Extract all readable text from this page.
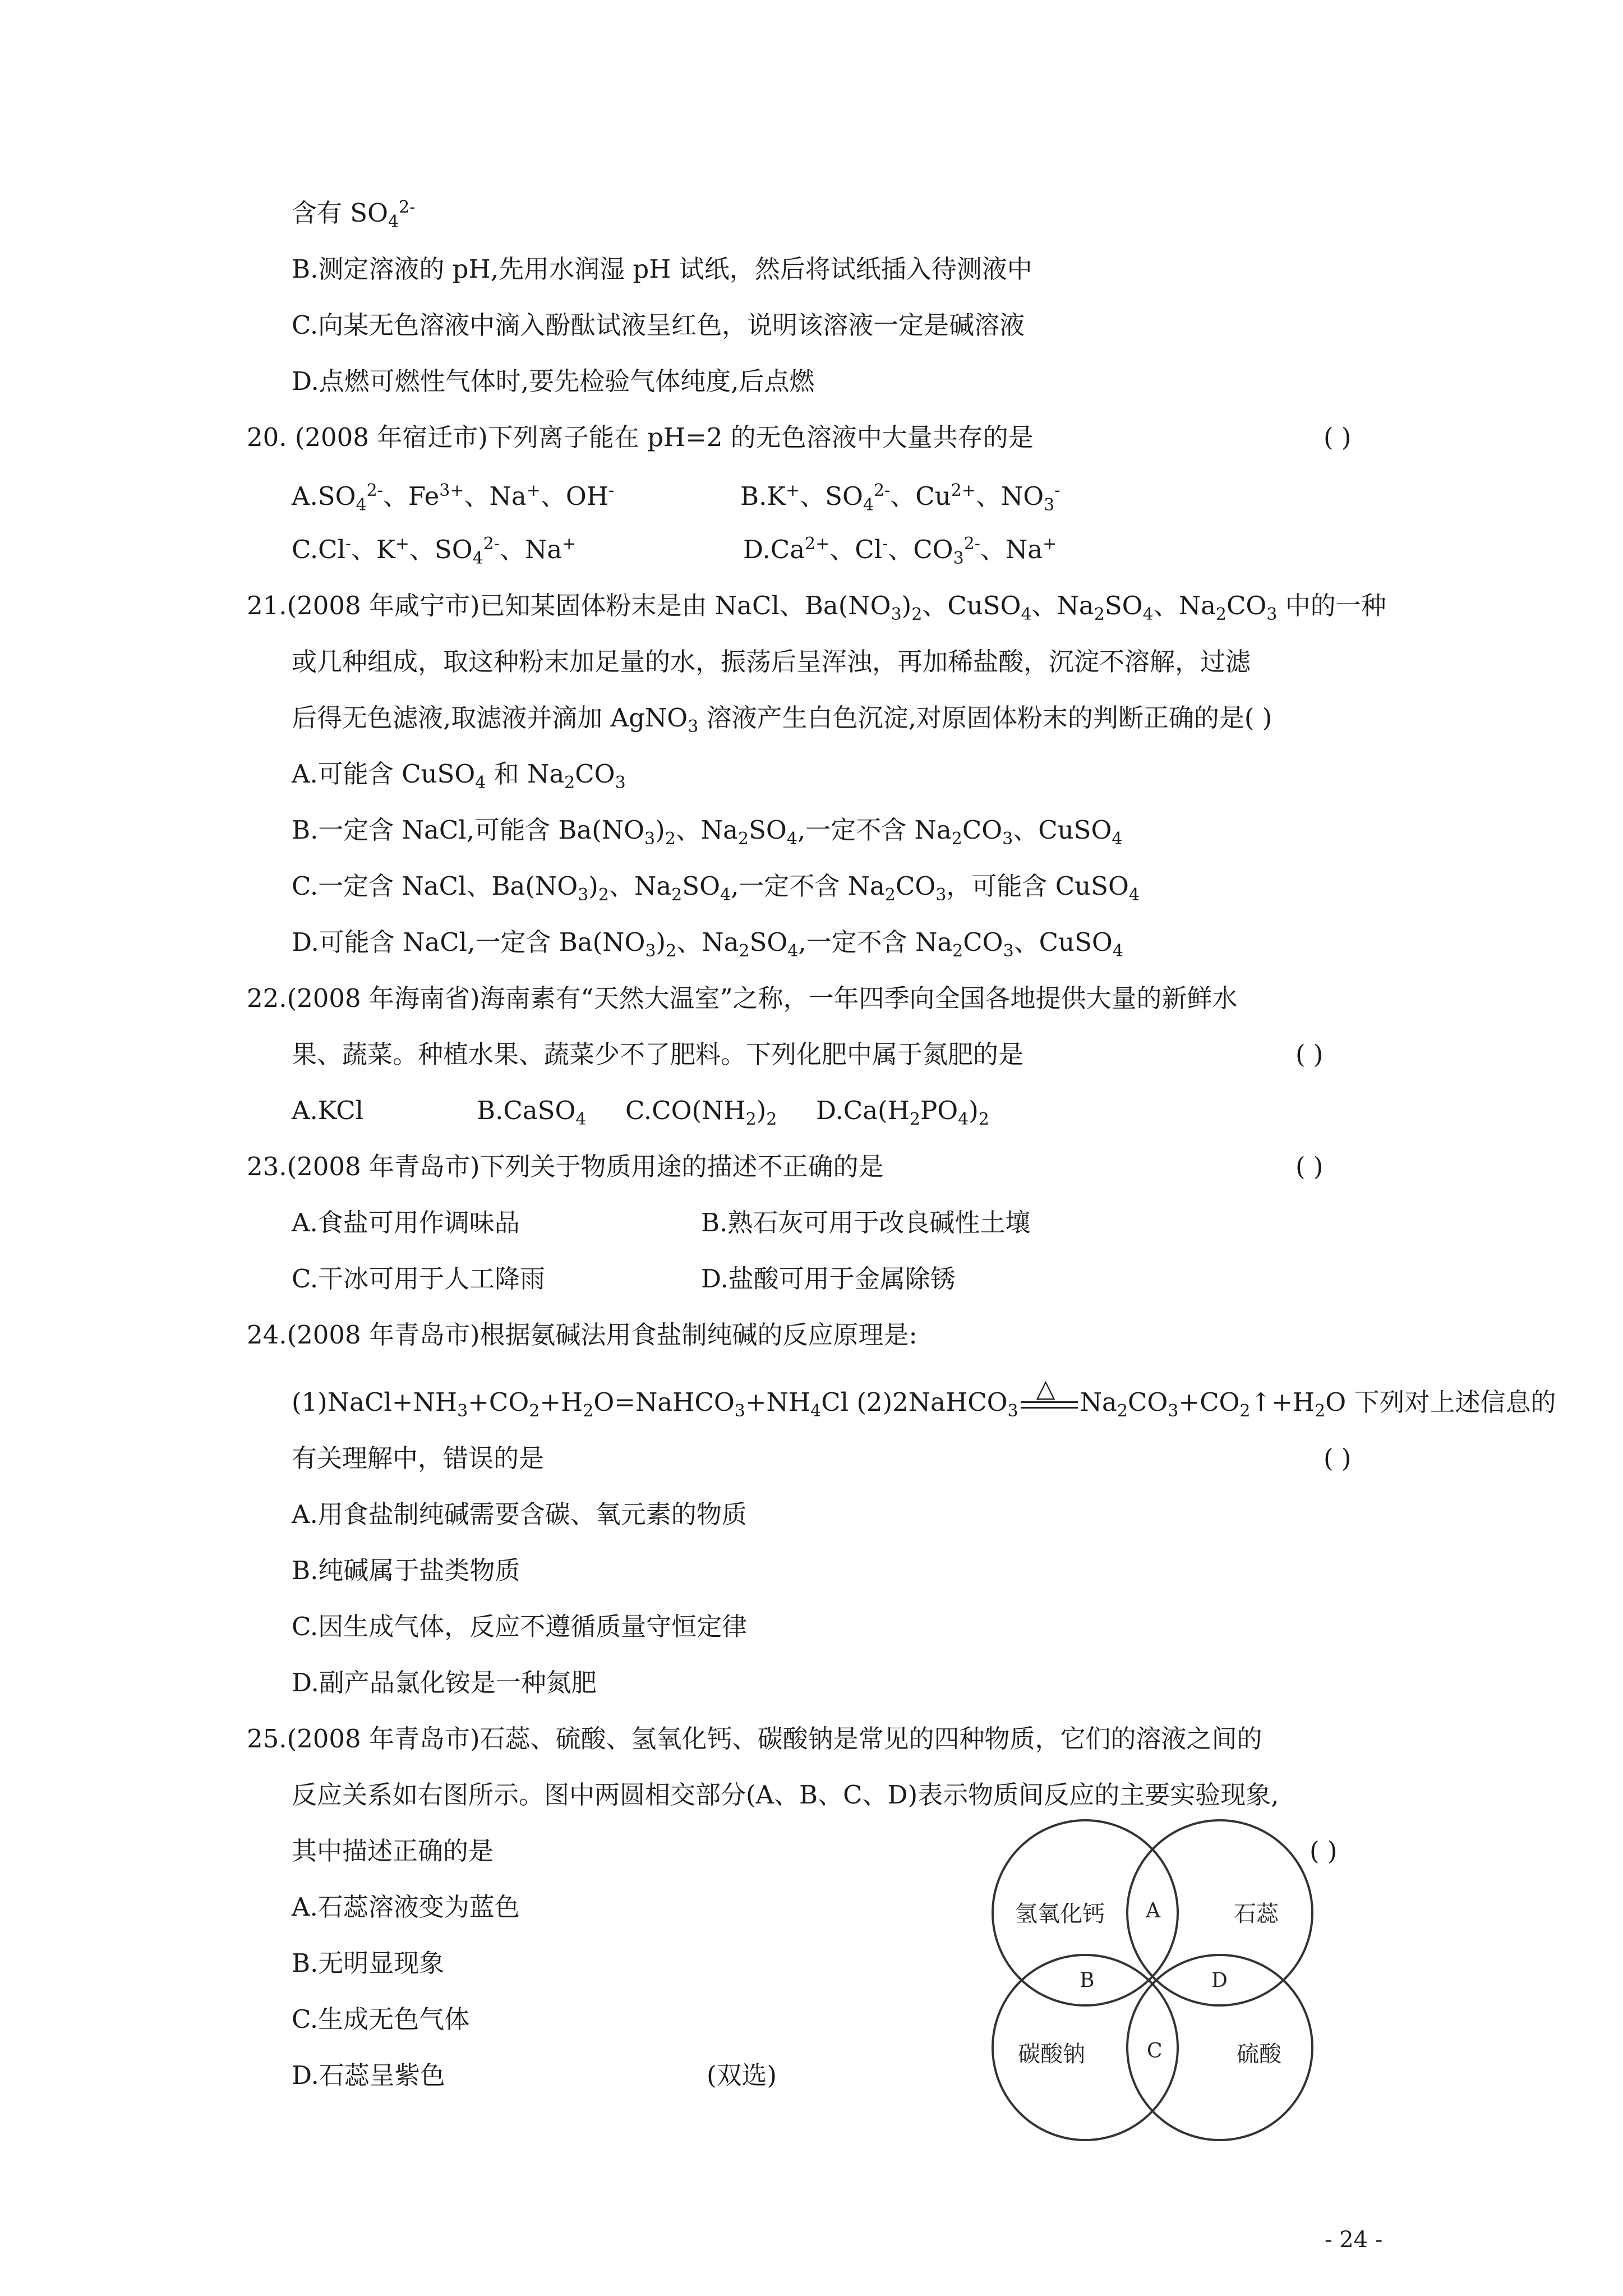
含有 $SO_4^{2-}$
B.测定溶液的 pH,先用水润湿 pH 试纸，然后将试纸插入待测液中
C.向某无色溶液中滴入酚酞试液呈红色，说明该溶液一定是碱溶液
D.点燃可燃性气体时,要先检验气体纯度,后点燃
20. (2008 年宿迁市)下列离子能在 pH=2 的无色溶液中大量共存的是	( )
$A.SO_4^{2-}$、$Fe^{3+}$、Na+、OH-	B.K+、$SO_4^{2-}$、$Cu^{2+}$、$NO_3^-$
C.Cl-、K+、$SO_4^{2-}$、Na+	$D.Ca^{2+}$、Cl-、$CO_3^{2-}$、Na+
21.(2008 年咸宁市)已知某固体粉末是由 NaCl、$Ba(NO_3)_2$、CuSO$_4$、$Na_2SO_4$、$Na_2CO_3$ 中的一种
或几种组成，取这种粉末加足量的水，振荡后呈浑浊，再加稀盐酸，沉淀不溶解，过滤
后得无色滤液,取滤液并滴加 AgNO$_3$ 溶液产生白色沉淀,对原固体粉末的判断正确的是( )
A.可能含 CuSO$_4$ 和 $Na_2CO_3$
B.一定含 NaCl,可能含 $Ba(NO_3)_2$、$Na_2SO_4$,一定不含 $Na_2CO_3$、CuSO$_4$
C.一定含 NaCl、$Ba(NO_3)_2$、$Na_2SO_4$,一定不含 $Na_2CO_3$，可能含 CuSO$_4$
D.可能含 NaCl,一定含 $Ba(NO_3)_2$、$Na_2SO_4$,一定不含 $Na_2CO_3$、CuSO$_4$
22.(2008 年海南省)海南素有“天然大温室”之称，一年四季向全国各地提供大量的新鲜水
果、蔬菜。种植水果、蔬菜少不了肥料。下列化肥中属于氮肥的是	( )
A.KCl	B.CaSO$_4$ $C.CO(NH_2)_2$ $D.Ca(H_2PO_4)_2$
23.(2008 年青岛市)下列关于物质用途的描述不正确的是	( )
A.食盐可用作调味品	B.熟石灰可用于改良碱性土壤
C.干冰可用于人工降雨	D.盐酸可用于金属除锈
24.(2008 年青岛市)根据氨碱法用食盐制纯碱的反应原理是:
$(1)NaCl+NH_3+CO_2+H_2O=NaHCO_3+NH_4Cl$ (2)2NaHCO$_3$
△ $Na_2CO_3+CO_2↑+H_2O$ 下列对上述信息的
有关理解中，错误的是	( )
A.用食盐制纯碱需要含碳、氧元素的物质
B.纯碱属于盐类物质
C.因生成气体，反应不遵循质量守恒定律
D.副产品氯化铵是一种氮肥
25.(2008 年青岛市)石蕊、硫酸、氢氧化钙、碳酸钠是常见的四种物质，它们的溶液之间的
反应关系如右图所示。图中两圆相交部分(A、B、C、D)表示物质间反应的主要实验现象,
其中描述正确的是	( )
A.石蕊溶液变为蓝色
B.无明显现象
C.生成无色气体
D.石蕊呈紫色	(双选)
氢氧化钙	石蕊
碳酸钠	硫酸
A
B
C
D
- 24 -
